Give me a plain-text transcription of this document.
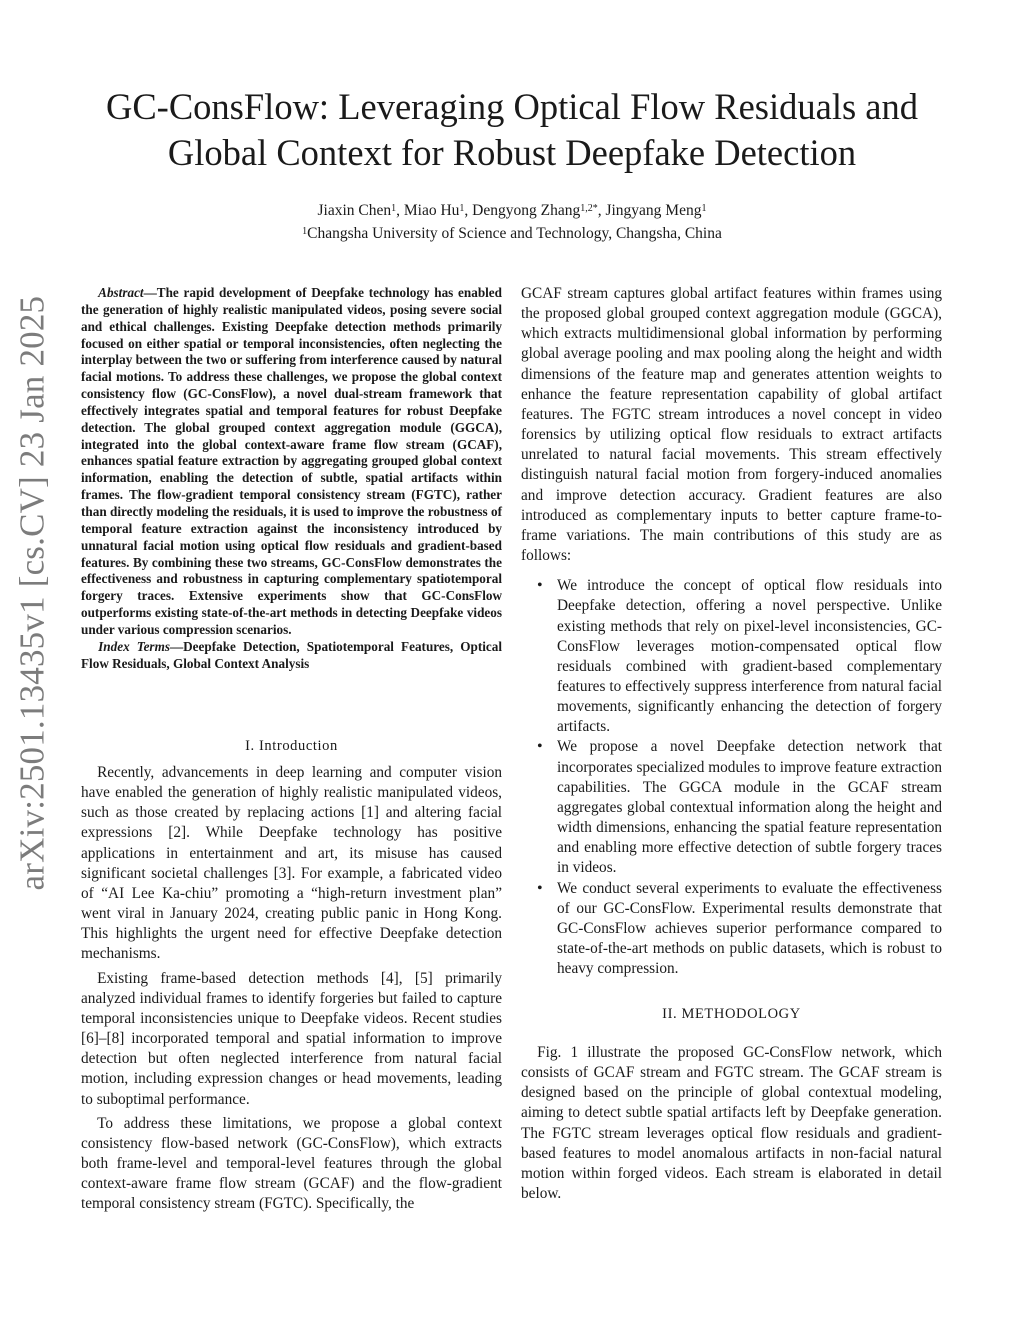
GC-ConsFlow: Leveraging Optical Flow Residuals and Global Context for Robust Deepfake Detection
Jiaxin Chen$^1$, Miao Hu$^1$, Dengyong Zhang$^{1,2*}$, Jingyang Meng$^1$
$^1$Changsha University of Science and Technology, Changsha, China
arXiv:2501.13435v1 [cs.CV] 23 Jan 2025

Abstract—The rapid development of Deepfake technology has enabled the generation of highly realistic manipulated videos, posing severe social and ethical challenges. Existing Deepfake detection methods primarily focused on either spatial or temporal inconsistencies, often neglecting the interplay between the two or suffering from interference caused by natural facial motions. To address these challenges, we propose the global context consistency flow (GC-ConsFlow), a novel dual-stream framework that effectively integrates spatial and temporal features for robust Deepfake detection. The global grouped context aggregation module (GGCA), integrated into the global context-aware frame flow stream (GCAF), enhances spatial feature extraction by aggregating grouped global context information, enabling the detection of subtle, spatial artifacts within frames. The flow-gradient temporal consistency stream (FGTC), rather than directly modeling the residuals, it is used to improve the robustness of temporal feature extraction against the inconsistency introduced by unnatural facial motion using optical flow residuals and gradient-based features. By combining these two streams, GC-ConsFlow demonstrates the effectiveness and robustness in capturing complementary spatiotemporal forgery traces. Extensive experiments show that GC-ConsFlow outperforms existing state-of-the-art methods in detecting Deepfake videos under various compression scenarios.

Index Terms—Deepfake Detection, Spatiotemporal Features, Optical Flow Residuals, Global Context Analysis

I. Introduction

Recently, advancements in deep learning and computer vision have enabled the generation of highly realistic manipulated videos, such as those created by replacing actions [1] and altering facial expressions [2]. While Deepfake technology has positive applications in entertainment and art, its misuse has caused significant societal challenges [3]. For example, a fabricated video of “AI Lee Ka-chiu” promoting a “high-return investment plan” went viral in January 2024, creating public panic in Hong Kong. This highlights the urgent need for effective Deepfake detection mechanisms.

Existing frame-based detection methods [4], [5] primarily analyzed individual frames to identify forgeries but failed to capture temporal inconsistencies unique to Deepfake videos. Recent studies [6]–[8] incorporated temporal and spatial information to improve detection but often neglected interference from natural facial motion, including expression changes or head movements, leading to suboptimal performance.

To address these limitations, we propose a global context consistency flow-based network (GC-ConsFlow), which extracts both frame-level and temporal-level features through the global context-aware frame flow stream (GCAF) and the flow-gradient temporal consistency stream (FGTC). Specifically, the

GCAF stream captures global artifact features within frames using the proposed global grouped context aggregation module (GGCA), which extracts multidimensional global information by performing global average pooling and max pooling along the height and width dimensions of the feature map and generates attention weights to enhance the feature representation capability of global artifact features. The FGTC stream introduces a novel concept in video forensics by utilizing optical flow residuals to extract artifacts unrelated to natural facial movements. This stream effectively distinguish natural facial motion from forgery-induced anomalies and improve detection accuracy. Gradient features are also introduced as complementary inputs to better capture frame-to-frame variations. The main contributions of this study are as follows:

• We introduce the concept of optical flow residuals into Deepfake detection, offering a novel perspective. Unlike existing methods that rely on pixel-level inconsistencies, GC-ConsFlow leverages motion-compensated optical flow residuals combined with gradient-based complementary features to effectively suppress interference from natural facial movements, significantly enhancing the detection of forgery artifacts.
• We propose a novel Deepfake detection network that incorporates specialized modules to improve feature extraction capabilities. The GGCA module in the GCAF stream aggregates global contextual information along the height and width dimensions, enhancing the spatial feature representation and enabling more effective detection of subtle forgery traces in videos.
• We conduct several experiments to evaluate the effectiveness of our GC-ConsFlow. Experimental results demonstrate that GC-ConsFlow achieves superior performance compared to state-of-the-art methods on public datasets, which is robust to heavy compression.
II. METHODOLOGY

Fig. 1 illustrate the proposed GC-ConsFlow network, which consists of GCAF stream and FGTC stream. The GCAF stream is designed based on the principle of global contextual modeling, aiming to detect subtle spatial artifacts left by Deepfake generation. The FGTC stream leverages optical flow residuals and gradient-based features to model anomalous artifacts in non-facial natural motion within forged videos. Each stream is elaborated in detail below.
